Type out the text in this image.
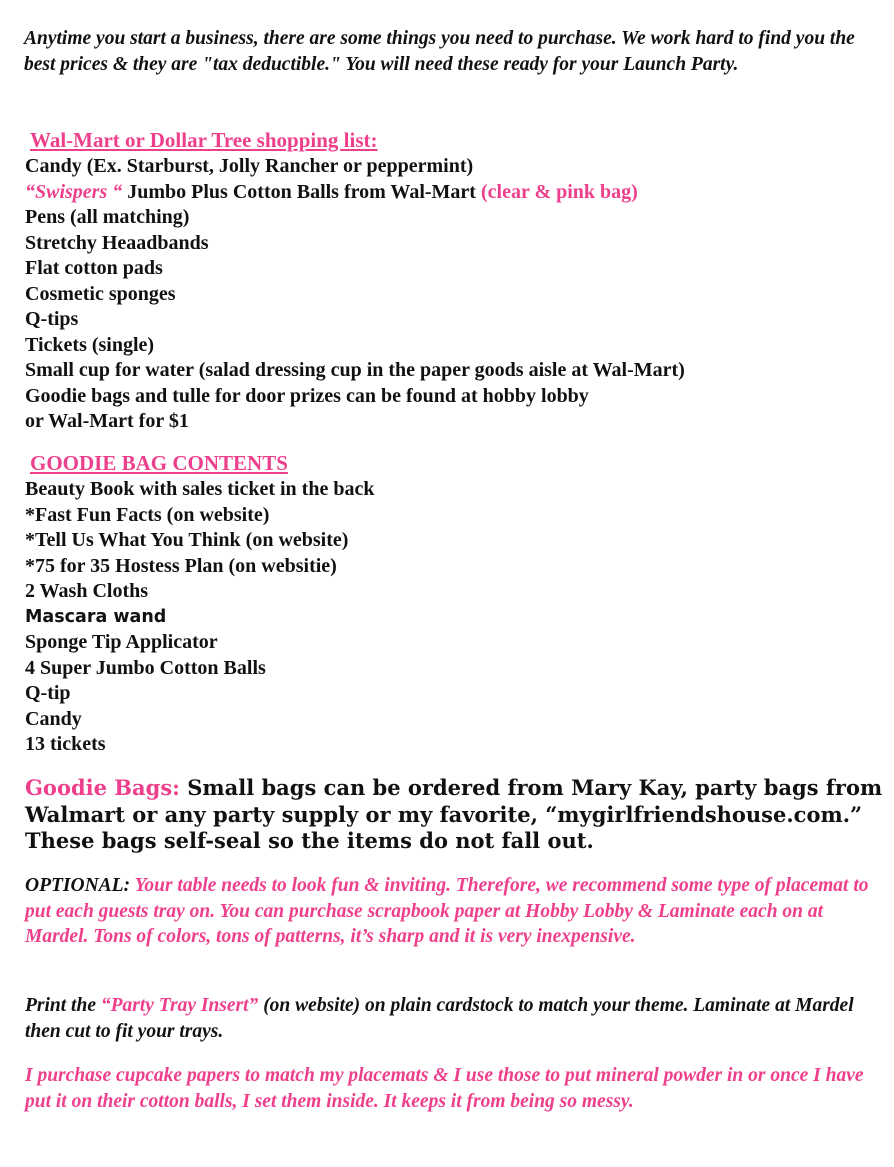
Anytime you start a business, there are some things you need to purchase. We work hard to find you the best prices & they are "tax deductible." You will need these ready for your Launch Party.

Wal-Mart or Dollar Tree shopping list:

Candy (Ex. Starburst, Jolly Rancher or peppermint)
“Swispers “ Jumbo Plus Cotton Balls from Wal-Mart (clear & pink bag)
Pens (all matching)
Stretchy Heaadbands
Flat cotton pads
Cosmetic sponges
Q-tips
Tickets (single)
Small cup for water (salad dressing cup in the paper goods aisle at Wal-Mart)
Goodie bags and tulle for door prizes can be found at hobby lobby
or Wal-Mart for $1

GOODIE BAG CONTENTS

Beauty Book with sales ticket in the back
*Fast Fun Facts (on website)
*Tell Us What You Think (on website)
*75 for 35 Hostess Plan (on websitie)
2 Wash Cloths
Mascara wand
Sponge Tip Applicator
4 Super Jumbo Cotton Balls
Q-tip
Candy
13 tickets

Goodie Bags: Small bags can be ordered from Mary Kay, party bags from Walmart or any party supply or my favorite, “mygirlfriendshouse.com.” These bags self-seal so the items do not fall out.

OPTIONAL: Your table needs to look fun & inviting. Therefore, we recommend some type of placemat to put each guests tray on. You can purchase scrapbook paper at Hobby Lobby & Laminate each on at Mardel. Tons of colors, tons of patterns, it’s sharp and it is very inexpensive.

Print the “Party Tray Insert” (on website) on plain cardstock to match your theme. Laminate at Mardel then cut to fit your trays.

I purchase cupcake papers to match my placemats & I use those to put mineral powder in or once I have put it on their cotton balls, I set them inside. It keeps it from being so messy.
